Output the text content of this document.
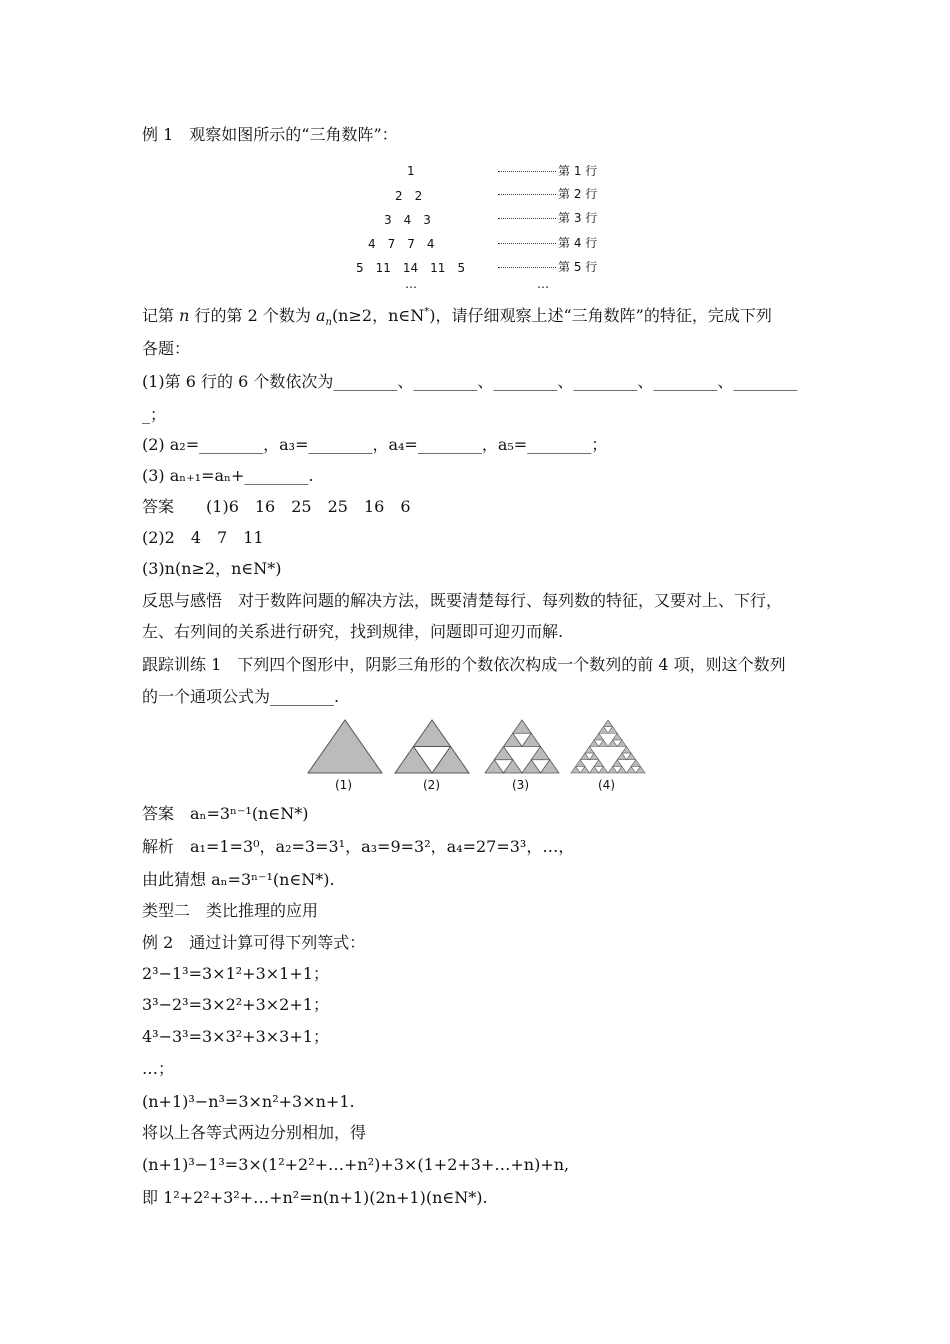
例 1　观察如图所示的“三角数阵”：
1
2　2
3　4　3
4　7　7　4
5　11　14　11　5
…
第 1 行
第 2 行
第 3 行
第 4 行
第 5 行
…
记第 n 行的第 2 个数为 $a_n(n\ge 2$，n∈N*)，请仔细观察上述“三角数阵”的特征，完成下列
各题：
(1)第 6 行的 6 个数依次为________、________、________、________、________、________
_；
(2) a₂=________，a₃=________，a₄=________，a₅=________；
(3) aₙ₊₁=aₙ+________.
答案　　 (1)6　16　25　25　16　6
(2)2　4　7　11
(3)n(n≥2，n∈N*)
反思与感悟　对于数阵问题的解决方法，既要清楚每行、每列数的特征，又要对上、下行，
左、右列间的关系进行研究，找到规律，问题即可迎刃而解.
跟踪训练 1　下列四个图形中，阴影三角形的个数依次构成一个数列的前 4 项，则这个数列
的一个通项公式为________.
(1)	(2)	(3)	(4)
答案　aₙ=3ⁿ⁻¹(n∈N*)
解析　a₁=1=3⁰，a₂=3=3¹，a₃=9=3²，a₄=27=3³，…，
由此猜想 aₙ=3ⁿ⁻¹(n∈N*).
类型二　类比推理的应用
例 2　通过计算可得下列等式：
2³−1³=3×1²+3×1+1；
3³−2³=3×2²+3×2+1；
4³−3³=3×3²+3×3+1；
…；
(n+1)³−n³=3×n²+3×n+1.
将以上各等式两边分别相加，得
(n+1)³−1³=3×(1²+2²+…+n²)+3×(1+2+3+…+n)+n,
即 1²+2²+3²+…+n²=n(n+1)(2n+1)(n∈N*).
